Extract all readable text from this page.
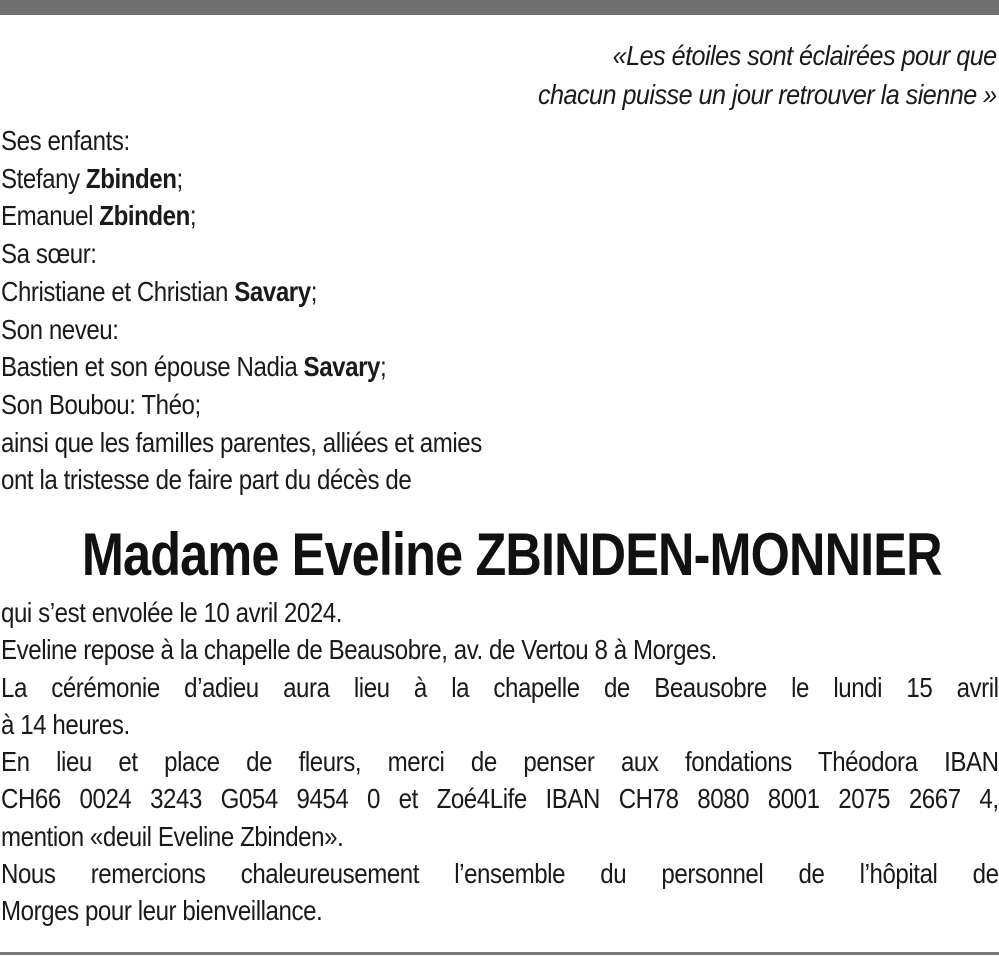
«Les étoiles sont éclairées pour que
chacun puisse un jour retrouver la sienne »
Ses enfants:
Stefany Zbinden;
Emanuel Zbinden;
Sa sœur:
Christiane et Christian Savary;
Son neveu:
Bastien et son épouse Nadia Savary;
Son Boubou: Théo;
ainsi que les familles parentes, alliées et amies
ont la tristesse de faire part du décès de
Madame Eveline ZBINDEN-MONNIER
qui s’est envolée le 10 avril 2024.
Eveline repose à la chapelle de Beausobre, av. de Vertou 8 à Morges.
La cérémonie d’adieu aura lieu à la chapelle de Beausobre le lundi 15 avril
à 14 heures.
En lieu et place de fleurs, merci de penser aux fondations Théodora IBAN
CH66 0024 3243 G054 9454 0 et Zoé4Life IBAN CH78 8080 8001 2075 2667 4,
mention «deuil Eveline Zbinden».
Nous remercions chaleureusement l’ensemble du personnel de l’hôpital de
Morges pour leur bienveillance.
